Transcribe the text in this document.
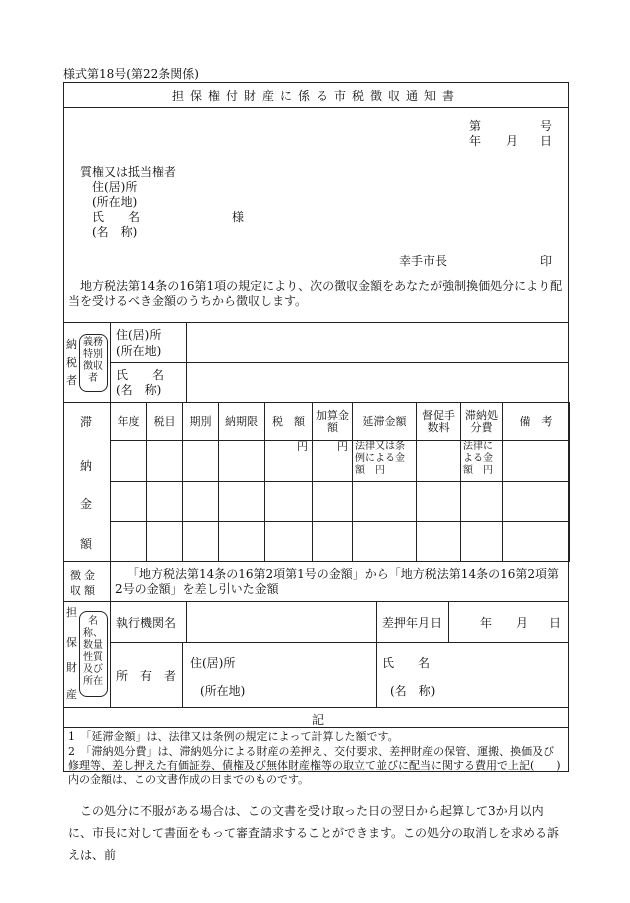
様式第18号(第22条関係)
担保権付財産に係る市税徴収通知書
第	号
年 月 日
質権又は抵当権者
住(居)所
(所在地)
氏　　名	様
(名　称)
幸手市長	印
地方税法第14条の16第1項の規定により、次の徴収金額をあなたが強制換価処分により配当を受けるべき金額のうちから徴収します。
納
税
者
義務
特別徴収者
住(居)所
(所在地)
氏　　名
(名　称)
滞
納
金
額
年度	税目	期別	納期限	税　額	加算金額	延滞金額	督促手数料	滞納処分費	備　考
				円	円	法律又は条例による金額　円		法律による金額　円	

徴金収額
「地方税法第14条の16第2項第1号の金額」から「地方税法第14条の16第2項第2号の金額」を差し引いた金額
担
保
財
産
名称、数量性質及び所在
執行機関名	差押年月日	年 月 日
所　有　者
住(居)所
(所在地)
氏　　名
(名　称)
記
1　「延滞金額」は、法律又は条例の規定によって計算した額です。
2　「滞納処分費」は、滞納処分による財産の差押え、交付要求、差押財産の保管、運搬、換価及び修理等、差し押えた有価証券、債権及び無体財産権等の取立て並びに配当に関する費用で上記(　　)内の金額は、この文書作成の日までのものです。
この処分に不服がある場合は、この文書を受け取った日の翌日から起算して3か月以内に、市長に対して書面をもって審査請求することができます。この処分の取消しを求める訴えは、前
